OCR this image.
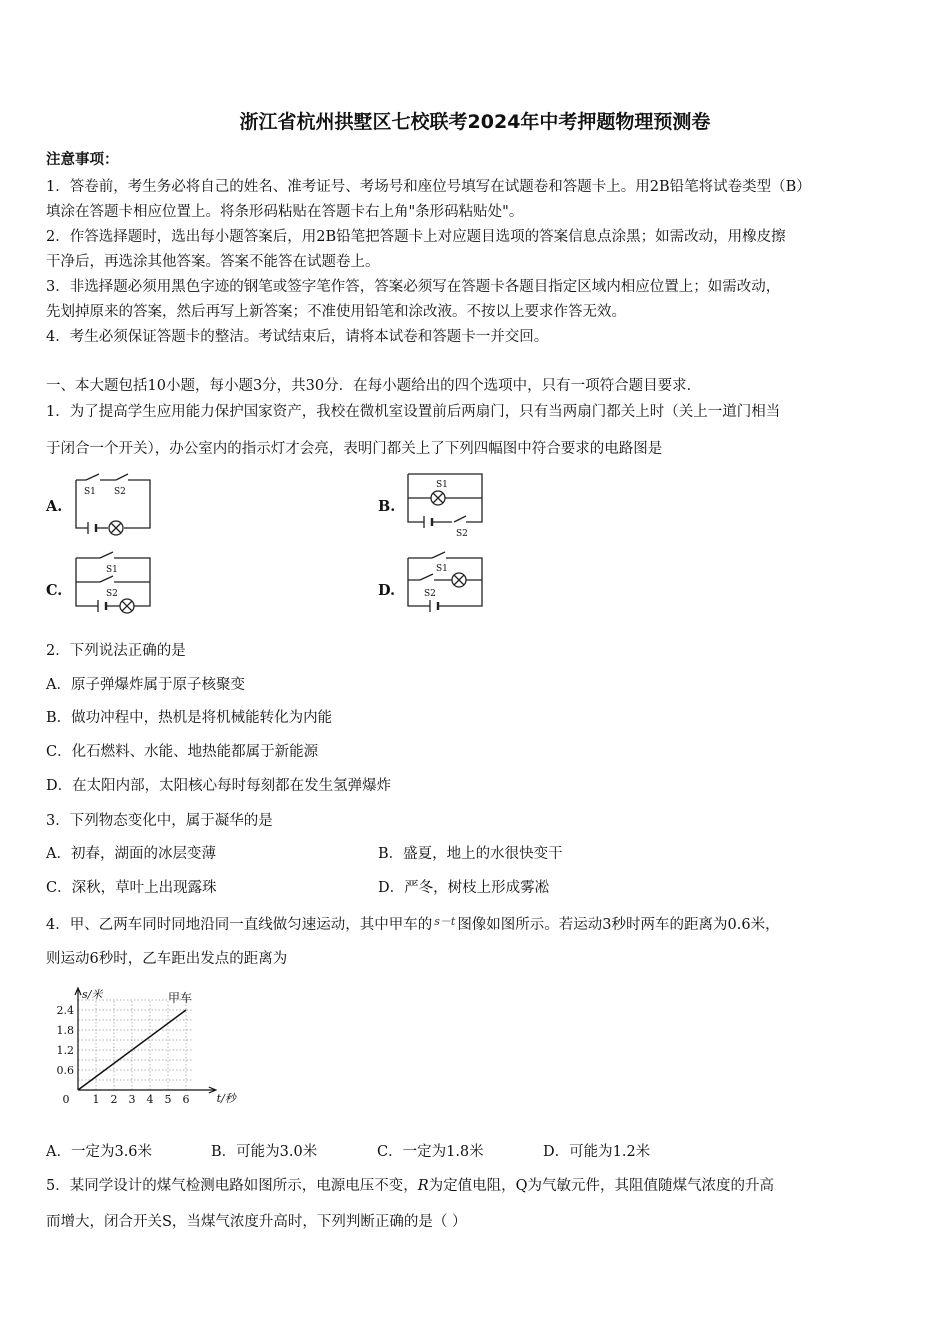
浙江省杭州拱墅区七校联考2024年中考押题物理预测卷
注意事项：
1．答卷前，考生务必将自己的姓名、准考证号、考场号和座位号填写在试题卷和答题卡上。用2B铅笔将试卷类型（B）
填涂在答题卡相应位置上。将条形码粘贴在答题卡右上角"条形码粘贴处"。
2．作答选择题时，选出每小题答案后，用2B铅笔把答题卡上对应题目选项的答案信息点涂黑；如需改动，用橡皮擦
干净后，再选涂其他答案。答案不能答在试题卷上。
3．非选择题必须用黑色字迹的钢笔或签字笔作答，答案必须写在答题卡各题目指定区域内相应位置上；如需改动，
先划掉原来的答案，然后再写上新答案；不准使用铅笔和涂改液。不按以上要求作答无效。
4．考生必须保证答题卡的整洁。考试结束后，请将本试卷和答题卡一并交回。
一、本大题包括10小题，每小题3分，共30分．在每小题给出的四个选项中，只有一项符合题目要求．
1．为了提高学生应用能力保护国家资产，我校在微机室设置前后两扇门，只有当两扇门都关上时（关上一道门相当
于闭合一个开关），办公室内的指示灯才会亮，表明门都关上了下列四幅图中符合要求的电路图是
A.	B.
C.	D.
S1 S2
S1
S2
S1
S2
S1
S2
2．下列说法正确的是
A．原子弹爆炸属于原子核聚变
B．做功冲程中，热机是将机械能转化为内能
C．化石燃料、水能、地热能都属于新能源
D．在太阳内部，太阳核心每时每刻都在发生氢弹爆炸
3．下列物态变化中，属于凝华的是
A．初春，湖面的冰层变薄	B．盛夏，地上的水很快变干
C．深秋，草叶上出现露珠	D．严冬，树枝上形成雾凇
4．甲、乙两车同时同地沿同一直线做匀速运动，其中甲车的 $^{s-t}$ 图像如图所示。若运动3秒时两车的距离为0.6米，
则运动6秒时，乙车距出发点的距离为
1 2 3 4 5 6
0.6
1.2
1.8
2.4
0
s/米
t/秒
甲车
A．一定为3.6米	B．可能为3.0米	C．一定为1.8米	D．可能为1.2米
5．某同学设计的煤气检测电路如图所示，电源电压不变，R为定值电阻，Q为气敏元件，其阻值随煤气浓度的升高
而增大，闭合开关S，当煤气浓度升高时，下列判断正确的是（ ）
